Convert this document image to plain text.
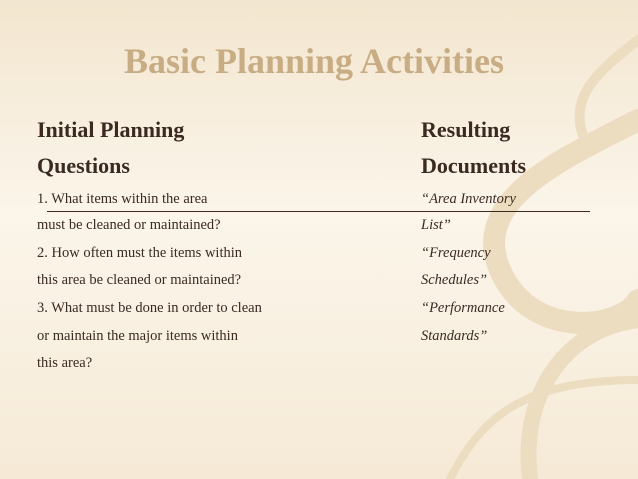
Basic Planning Activities
Initial Planning
Questions
Resulting
Documents
1. What items within the area
must be cleaned or maintained?
2. How often must the items within
this area be cleaned or maintained?
3. What must be done in order to clean
or maintain the major items within
this area?
“Area Inventory
List”
“Frequency
Schedules”
“Performance
Standards”
